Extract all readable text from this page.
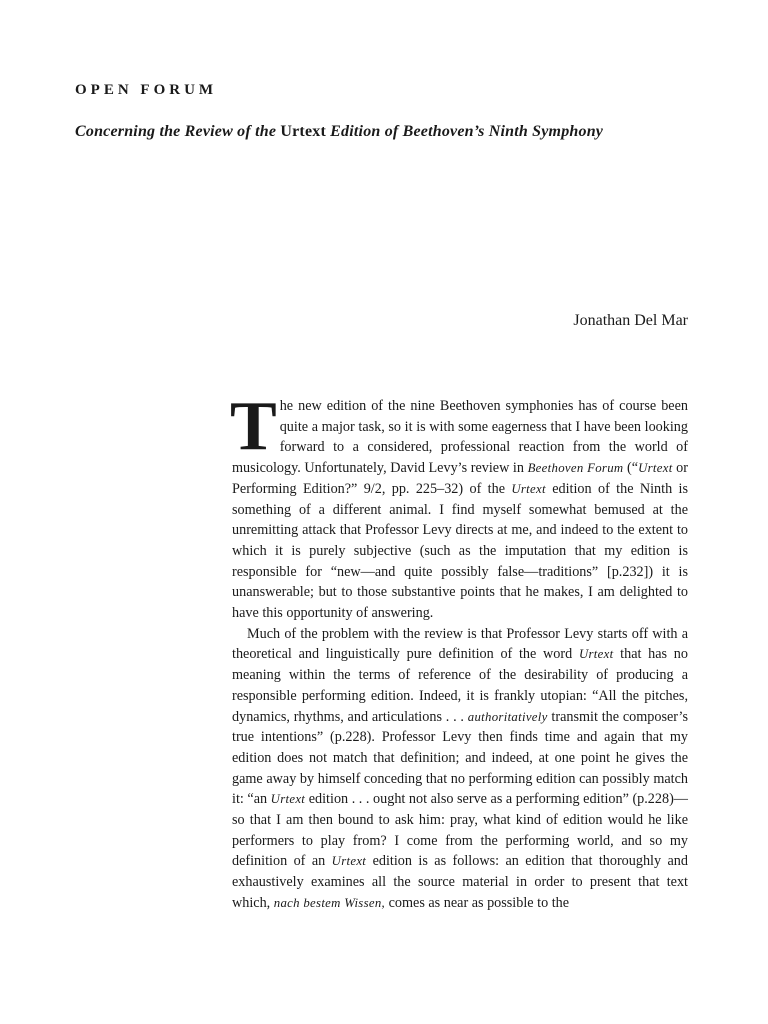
OPEN FORUM
Concerning the Review of the Urtext Edition of Beethoven’s Ninth Symphony
Jonathan Del Mar

The new edition of the nine Beethoven symphonies has of course been quite a major task, so it is with some eagerness that I have been looking forward to a considered, professional reaction from the world of musicology. Unfortunately, David Levy’s review in Beethoven Forum (“Urtext or Performing Edition?” 9/2, pp. 225–32) of the Urtext edition of the Ninth is something of a different animal. I find myself somewhat bemused at the unremitting attack that Professor Levy directs at me, and indeed to the extent to which it is purely subjective (such as the imputation that my edition is responsible for “new—and quite possibly false—traditions” [p.232]) it is unanswerable; but to those substantive points that he makes, I am delighted to have this opportunity of answering.

Much of the problem with the review is that Professor Levy starts off with a theoretical and linguistically pure definition of the word Urtext that has no meaning within the terms of reference of the desirability of producing a responsible performing edition. Indeed, it is frankly utopian: “All the pitches, dynamics, rhythms, and articulations . . . authoritatively transmit the composer’s true intentions” (p.228). Professor Levy then finds time and again that my edition does not match that definition; and indeed, at one point he gives the game away by himself conceding that no performing edition can possibly match it: “an Urtext edition . . . ought not also serve as a performing edition” (p.228)—so that I am then bound to ask him: pray, what kind of edition would he like performers to play from? I come from the performing world, and so my definition of an Urtext edition is as follows: an edition that thoroughly and exhaustively examines all the source material in order to present that text which, nach bestem Wissen, comes as near as possible to the
